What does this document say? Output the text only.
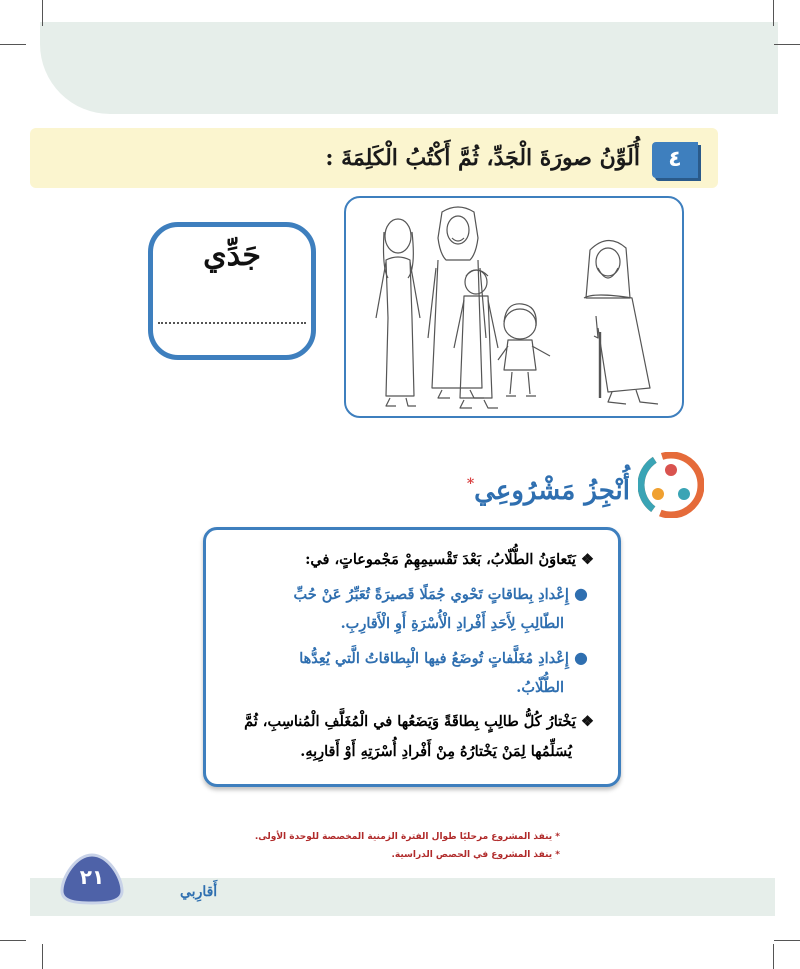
٤
أُلَوِّنُ صورَةَ الْجَدِّ، ثُمَّ أَكْتُبُ الْكَلِمَةَ :
جَدِّي
أُنْجِزُ مَشْرُوعِي*
❖ يَتَعاوَنُ الطُّلّابُ، بَعْدَ تَقْسيمِهِمْ مَجْموعاتٍ، في:
● إِعْدادِ بِطاقاتٍ تَحْوي جُمَلًا قَصيرَةً تُعَبِّرُ عَنْ حُبِّ
الطّالِبِ لِأَحَدِ أَفْرادِ الْأُسْرَةِ أَوِ الْأَقارِبِ.
● إِعْدادِ مُغَلَّفاتٍ تُوضَعُ فيها الْبِطاقاتُ الَّتي يُعِدُّها
الطُّلّابُ.
❖ يَخْتارُ كُلُّ طالِبٍ بِطاقَةً وَيَضَعُها في الْمُغَلَّفِ الْمُناسِبِ، ثُمَّ
يُسَلِّمُها لِمَنْ يَخْتارُهُ مِنْ أَفْرادِ أُسْرَتِهِ أَوْ أَقارِبِهِ.
* ينفذ المشروع مرحليًا طوال الفترة الزمنية المخصصة للوحدة الأولى.
* ينفذ المشروع في الحصص الدراسية.
٢١
أَقارِبي
